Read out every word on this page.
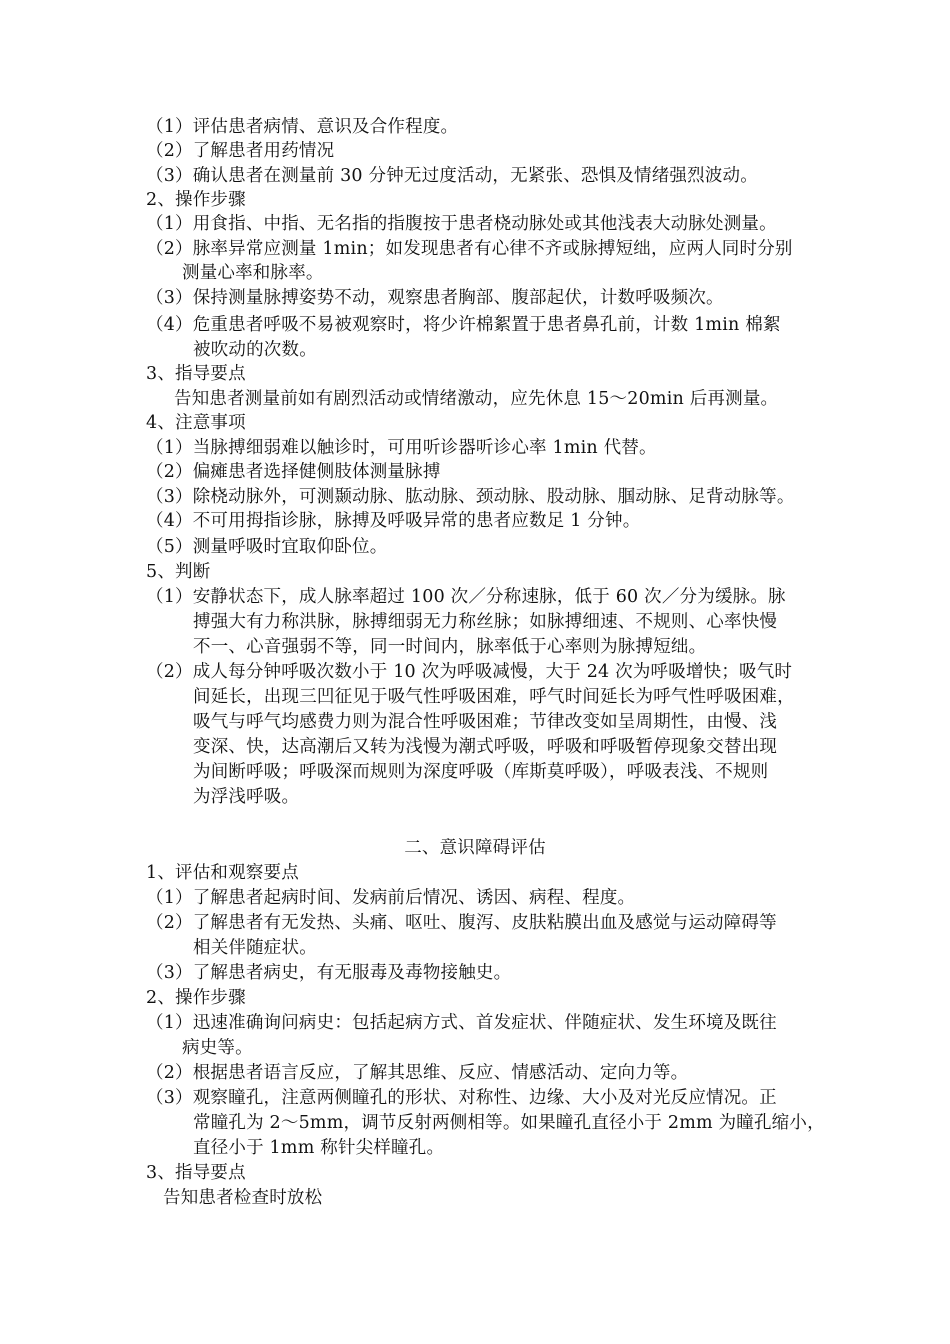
（1）评估患者病情、意识及合作程度。
（2）了解患者用药情况
（3）确认患者在测量前 30 分钟无过度活动，无紧张、恐惧及情绪强烈波动。
2、操作步骤
（1）用食指、中指、无名指的指腹按于患者桡动脉处或其他浅表大动脉处测量。
（2）脉率异常应测量 1min；如发现患者有心律不齐或脉搏短绌，应两人同时分别
测量心率和脉率。
（3）保持测量脉搏姿势不动，观察患者胸部、腹部起伏，计数呼吸频次。
（4）危重患者呼吸不易被观察时，将少许棉絮置于患者鼻孔前，计数 1min 棉絮
被吹动的次数。
3、指导要点
告知患者测量前如有剧烈活动或情绪激动，应先休息 15～20min 后再测量。
4、注意事项
（1）当脉搏细弱难以触诊时，可用听诊器听诊心率 1min 代替。
（2）偏瘫患者选择健侧肢体测量脉搏
（3）除桡动脉外，可测颞动脉、肱动脉、颈动脉、股动脉、腘动脉、足背动脉等。
（4）不可用拇指诊脉，脉搏及呼吸异常的患者应数足 1 分钟。
（5）测量呼吸时宜取仰卧位。
5、判断
（1）安静状态下，成人脉率超过 100 次／分称速脉，低于 60 次／分为缓脉。脉
搏强大有力称洪脉，脉搏细弱无力称丝脉；如脉搏细速、不规则、心率快慢
不一、心音强弱不等，同一时间内，脉率低于心率则为脉搏短绌。
（2）成人每分钟呼吸次数小于 10 次为呼吸减慢，大于 24 次为呼吸增快；吸气时
间延长，出现三凹征见于吸气性呼吸困难，呼气时间延长为呼气性呼吸困难，
吸气与呼气均感费力则为混合性呼吸困难；节律改变如呈周期性，由慢、浅
变深、快，达高潮后又转为浅慢为潮式呼吸，呼吸和呼吸暂停现象交替出现
为间断呼吸；呼吸深而规则为深度呼吸（库斯莫呼吸），呼吸表浅、不规则
为浮浅呼吸。
二、意识障碍评估
1、评估和观察要点
（1）了解患者起病时间、发病前后情况、诱因、病程、程度。
（2）了解患者有无发热、头痛、呕吐、腹泻、皮肤粘膜出血及感觉与运动障碍等
相关伴随症状。
（3）了解患者病史，有无服毒及毒物接触史。
2、操作步骤
（1）迅速准确询问病史：包括起病方式、首发症状、伴随症状、发生环境及既往
病史等。
（2）根据患者语言反应，了解其思维、反应、情感活动、定向力等。
（3）观察瞳孔，注意两侧瞳孔的形状、对称性、边缘、大小及对光反应情况。正
常瞳孔为 2～5mm，调节反射两侧相等。如果瞳孔直径小于 2mm 为瞳孔缩小，
直径小于 1mm 称针尖样瞳孔。
3、指导要点
告知患者检查时放松
